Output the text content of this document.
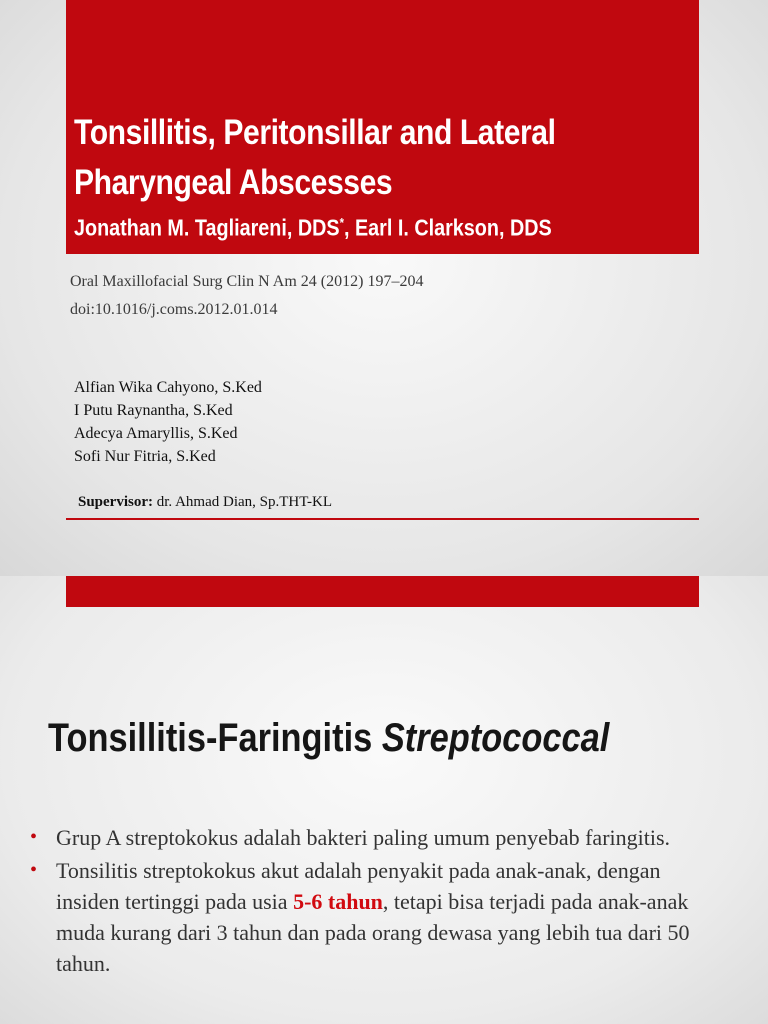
Tonsillitis, Peritonsillar and Lateral
Pharyngeal Abscesses
Jonathan M. Tagliareni, DDS*, Earl I. Clarkson, DDS
Oral Maxillofacial Surg Clin N Am 24 (2012) 197–204
doi:10.1016/j.coms.2012.01.014
Alfian Wika Cahyono, S.Ked
I Putu Raynantha, S.Ked
Adecya Amaryllis, S.Ked
Sofi Nur Fitria, S.Ked
Supervisor: dr. Ahmad Dian, Sp.THT-KL
Tonsillitis-Faringitis Streptococcal
• Grup A streptokokus adalah bakteri paling umum penyebab faringitis.
• Tonsilitis streptokokus akut adalah penyakit pada anak-anak, dengan insiden tertinggi pada usia 5-6 tahun, tetapi bisa terjadi pada anak-anak muda kurang dari 3 tahun dan pada orang dewasa yang lebih tua dari 50 tahun.
